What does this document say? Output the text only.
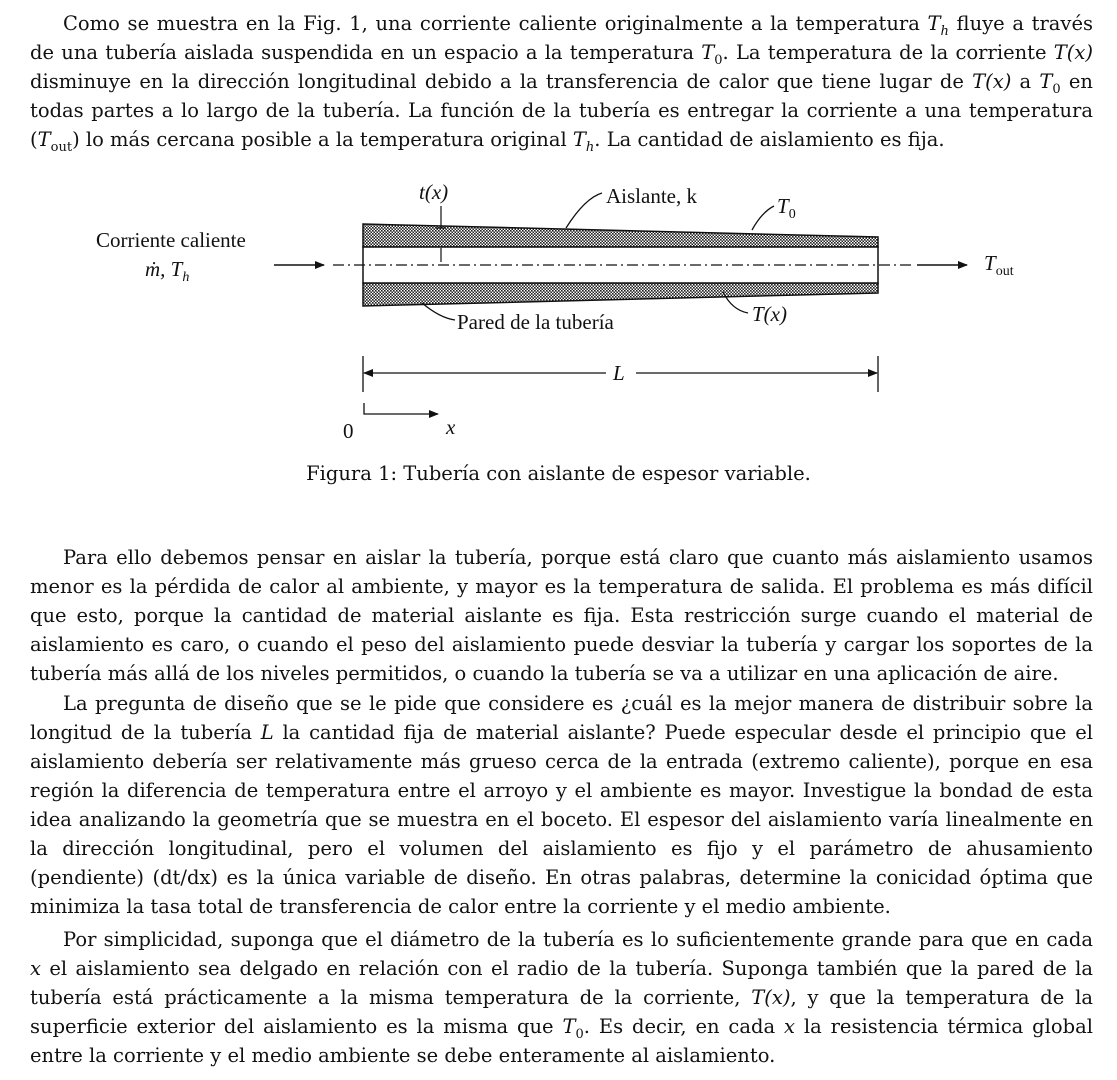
Como se muestra en la Fig. 1, una corriente caliente originalmente a la temperatura $T_h$ fluye a través de una tubería aislada suspendida en un espacio a la temperatura $T_0$. La temperatura de la corriente T(x) disminuye en la dirección longitudinal debido a la transferencia de calor que tiene lugar de T(x) a $T_0$ en todas partes a lo largo de la tubería. La función de la tubería es entregar la corriente a una temperatura $(T_{out})$ lo más cercana posible a la temperatura original $T_h$. La cantidad de aislamiento es fija.

t(x)	Aislante, k	$T_0$
Corriente caliente
ṁ, $T_h$
$T_{out}$
Pared de la tubería	T(x)
L
0	x
Figura 1: Tubería con aislante de espesor variable.

Para ello debemos pensar en aislar la tubería, porque está claro que cuanto más aislamiento usamos menor es la pérdida de calor al ambiente, y mayor es la temperatura de salida. El problema es más difícil que esto, porque la cantidad de material aislante es fija. Esta restricción surge cuando el material de aislamiento es caro, o cuando el peso del aislamiento puede desviar la tubería y cargar los soportes de la tubería más allá de los niveles permitidos, o cuando la tubería se va a utilizar en una aplicación de aire.

La pregunta de diseño que se le pide que considere es ¿cuál es la mejor manera de distribuir sobre la longitud de la tubería L la cantidad fija de material aislante? Puede especular desde el principio que el aislamiento debería ser relativamente más grueso cerca de la entrada (extremo caliente), porque en esa región la diferencia de temperatura entre el arroyo y el ambiente es mayor. Investigue la bondad de esta idea analizando la geometría que se muestra en el boceto. El espesor del aislamiento varía linealmente en la dirección longitudinal, pero el volumen del aislamiento es fijo y el parámetro de ahusamiento (pendiente) (dt/dx) es la única variable de diseño. En otras palabras, determine la conicidad óptima que minimiza la tasa total de transferencia de calor entre la corriente y el medio ambiente.

Por simplicidad, suponga que el diámetro de la tubería es lo suficientemente grande para que en cada x el aislamiento sea delgado en relación con el radio de la tubería. Suponga también que la pared de la tubería está prácticamente a la misma temperatura de la corriente, T(x), y que la temperatura de la superficie exterior del aislamiento es la misma que $T_0$. Es decir, en cada x la resistencia térmica global entre la corriente y el medio ambiente se debe enteramente al aislamiento.
